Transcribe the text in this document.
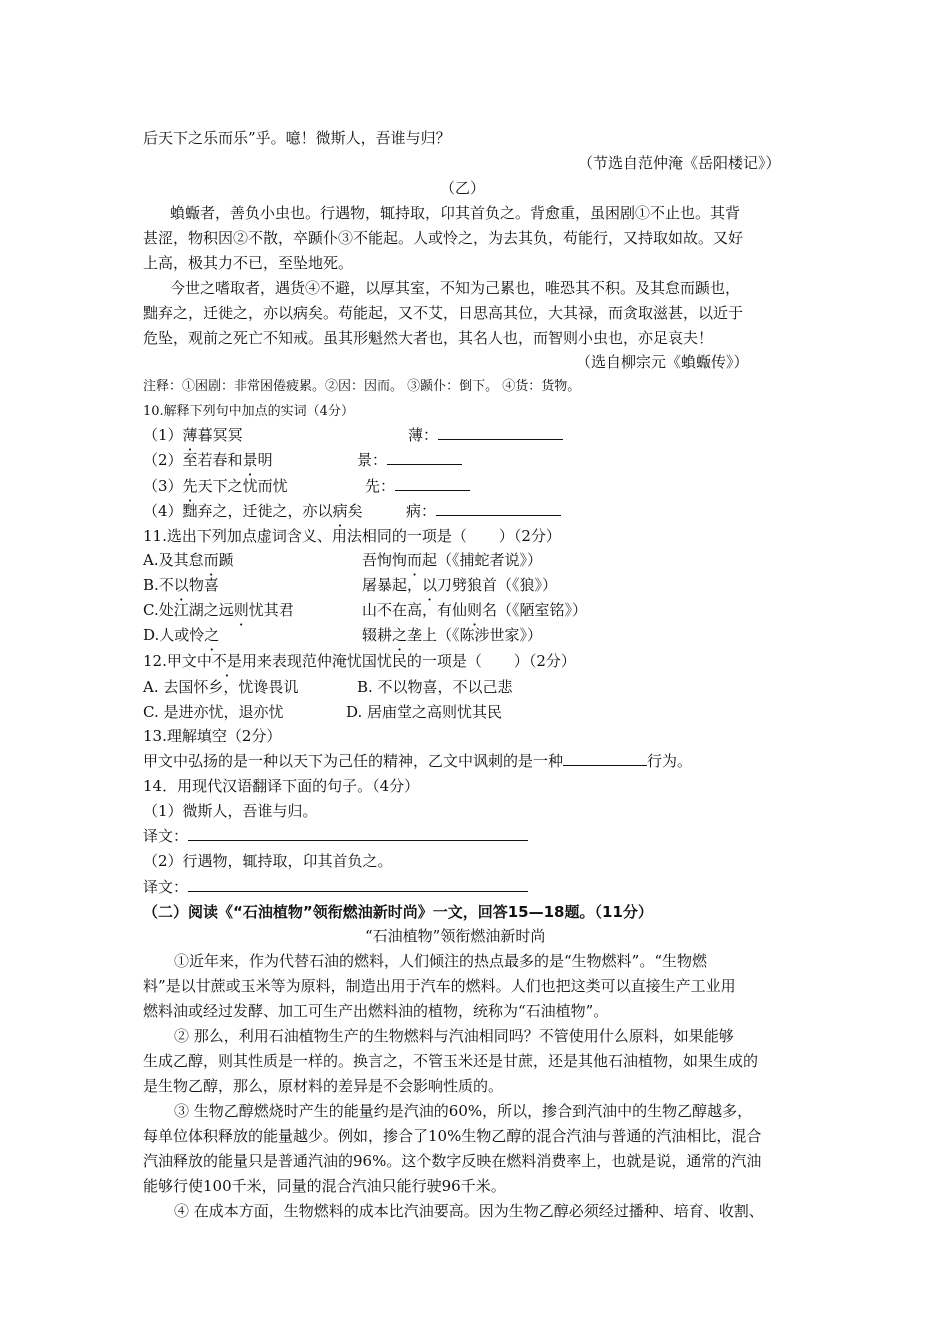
后天下之乐而乐”乎。噫！微斯人，吾谁与归？
（节选自范仲淹《岳阳楼记》）
（乙）
蝜蝂者，善负小虫也。行遇物，辄持取，卬其首负之。背愈重，虽困剧①不止也。其背
甚涩，物积因②不散，卒踬仆③不能起。人或怜之，为去其负，苟能行，又持取如故。又好
上高，极其力不已，至坠地死。
今世之嗜取者，遇货④不避，以厚其室，不知为己累也，唯恐其不积。及其怠而踬也，
黜弃之，迁徙之，亦以病矣。苟能起，又不艾，日思高其位，大其禄，而贪取滋甚，以近于
危坠，观前之死亡不知戒。虽其形魁然大者也，其名人也，而智则小虫也，亦足哀夫！
（选自柳宗元《蝜蝂传》）
注释：①困剧：非常困倦疲累。②因：因而。 ③踬仆：倒下。 ④货：货物。
10.解释下列句中加点的实词（4分）
（1）薄暮冥冥	薄：
（2）至若春和景明	景：
（3）先天下之忧而忧	先：
（4）黜弃之，迁徙之，亦以病矣	病：
11.选出下列加点虚词含义、用法相同的一项是（ ）（2分）
A.及其怠而踬	吾恂恂而起（《捕蛇者说》）
B.不以物喜	屠暴起，以刀劈狼首（《狼》）
C.处江湖之远则忧其君	山不在高，有仙则名（《陋室铭》）
D.人或怜之	辍耕之垄上（《陈涉世家》）
12.甲文中不是用来表现范仲淹忧国忧民的一项是（ ）（2分）
A. 去国怀乡，忧谗畏讥	B. 不以物喜，不以己悲
C. 是进亦忧，退亦忧	D. 居庙堂之高则忧其民
13.理解填空（2分）
甲文中弘扬的是一种以天下为己任的精神，乙文中讽刺的是一种	行为。
14．用现代汉语翻译下面的句子。（4分）
（1）微斯人，吾谁与归。
译文：
（2）行遇物，辄持取，卬其首负之。
译文：
（二）阅读《“石油植物”领衔燃油新时尚》一文，回答15—18题。（11分）
“石油植物”领衔燃油新时尚
①近年来，作为代替石油的燃料，人们倾注的热点最多的是“生物燃料”。“生物燃
料”是以甘蔗或玉米等为原料，制造出用于汽车的燃料。人们也把这类可以直接生产工业用
燃料油或经过发酵、加工可生产出燃料油的植物，统称为“石油植物”。
② 那么，利用石油植物生产的生物燃料与汽油相同吗？不管使用什么原料，如果能够
生成乙醇，则其性质是一样的。换言之，不管玉米还是甘蔗，还是其他石油植物，如果生成的
是生物乙醇，那么，原材料的差异是不会影响性质的。
③ 生物乙醇燃烧时产生的能量约是汽油的60%，所以，掺合到汽油中的生物乙醇越多，
每单位体积释放的能量越少。例如，掺合了10%生物乙醇的混合汽油与普通的汽油相比，混合
汽油释放的能量只是普通汽油的96%。这个数字反映在燃料消费率上，也就是说，通常的汽油
能够行使100千米，同量的混合汽油只能行驶96千米。
④ 在成本方面，生物燃料的成本比汽油要高。因为生物乙醇必须经过播种、培育、收割、
